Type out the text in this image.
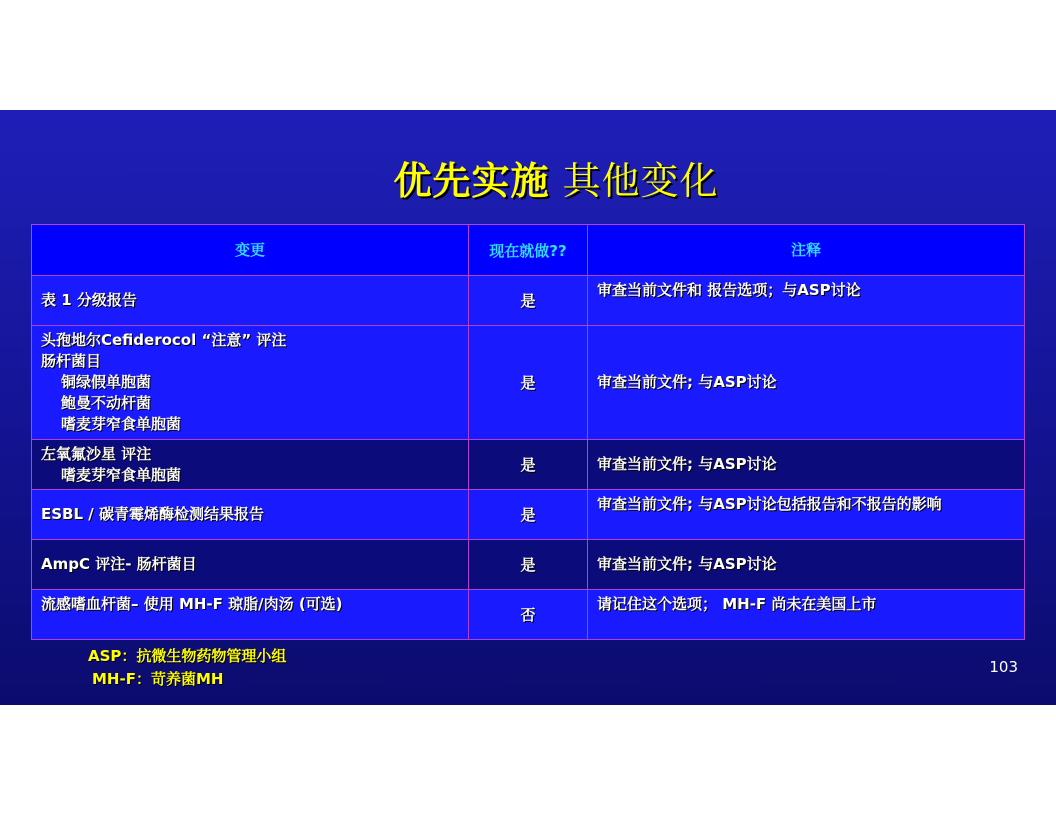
优先实施 其他变化
变更	现在就做??	注释

表 1 分级报告	是	审查当前文件和 报告选项；与ASP讨论

头孢地尔Cefiderocol “注意” 评注
肠杆菌目
铜绿假单胞菌
鲍曼不动杆菌
嗜麦芽窄食单胞菌	是	审查当前文件; 与ASP讨论

左氧氟沙星 评注
嗜麦芽窄食单胞菌	是	审查当前文件; 与ASP讨论

ESBL / 碳青霉烯酶检测结果报告	是	审查当前文件; 与ASP讨论包括报告和不报告的影响

AmpC 评注- 肠杆菌目	是	审查当前文件; 与ASP讨论

流感嗜血杆菌– 使用 MH-F 琼脂/肉汤 (可选)	否	请记住这个选项； MH-F 尚未在美国上市
ASP：抗微生物药物管理小组
MH-F：苛养菌MH
103
